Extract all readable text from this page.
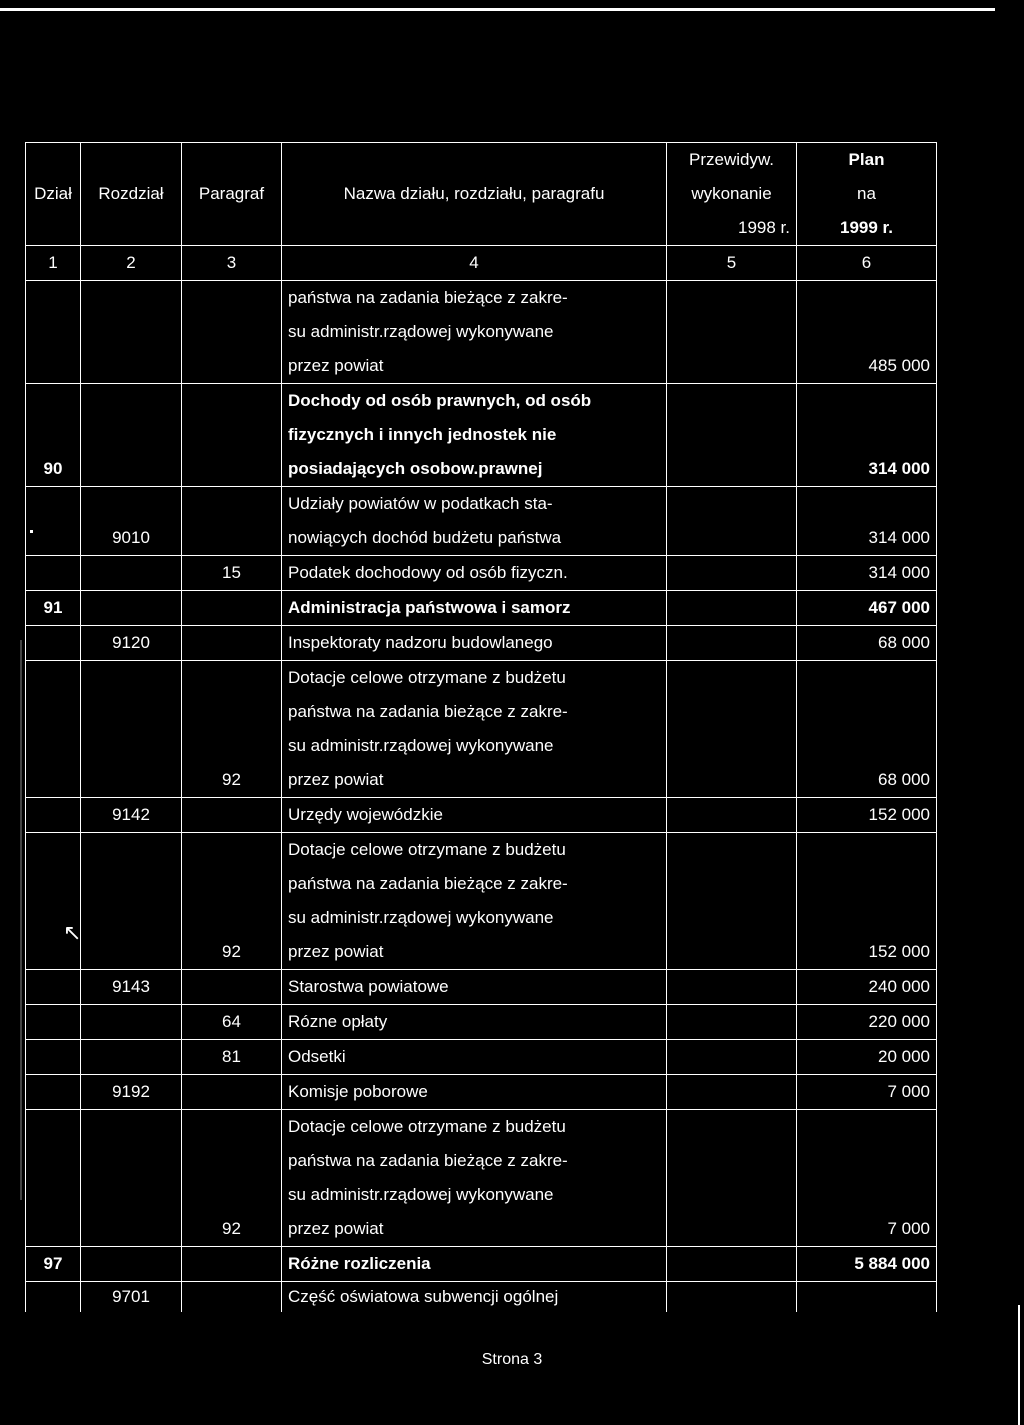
↖
Dział	Rozdział	Paragraf	Nazwa działu, rozdziału, paragrafu	Przewidyw.
wykonanie
1998 r.	Plan
na
1999 r.

1	2	3	4	5	6

			państwa na zadania bieżące z zakre-
su administr.rządowej wykonywane
przez powiat		485 000
90			Dochody od osób prawnych, od osób
fizycznych i innych jednostek nie
posiadających osobow.prawnej		314 000
	9010		Udziały powiatów w podatkach sta-
nowiących dochód budżetu państwa		314 000
		15	Podatek dochodowy od osób fizyczn.		314 000
91			Administracja państwowa i samorz		467 000
	9120		Inspektoraty nadzoru budowlanego		68 000
		92	Dotacje celowe otrzymane z budżetu
państwa na zadania bieżące z zakre-
su administr.rządowej wykonywane
przez powiat		68 000
	9142		Urzędy wojewódzkie		152 000
		92	Dotacje celowe otrzymane z budżetu
państwa na zadania bieżące z zakre-
su administr.rządowej wykonywane
przez powiat		152 000
	9143		Starostwa powiatowe		240 000
		64	Rózne opłaty		220 000
		81	Odsetki		20 000
	9192		Komisje poborowe		7 000
		92	Dotacje celowe otrzymane z budżetu
państwa na zadania bieżące z zakre-
su administr.rządowej wykonywane
przez powiat		7 000
97			Różne rozliczenia		5 884 000
	9701		Część oświatowa subwencji ogólnej		

Strona 3
